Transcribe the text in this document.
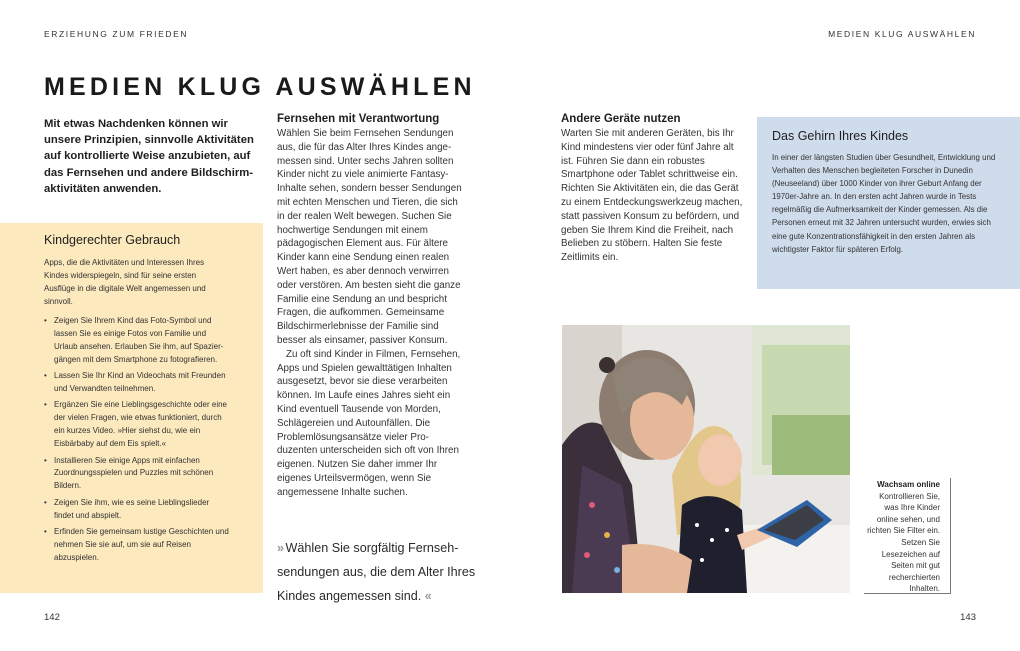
ERZIEHUNG ZUM FRIEDEN	MEDIEN KLUG AUSWÄHLEN
MEDIEN KLUG AUSWÄHLEN

Mit etwas Nachdenken können wir unsere Prinzipien, sinnvolle Aktivitäten auf kontrollierte Weise anzubieten, auf das Fernsehen und andere Bildschirmaktivitäten anwenden.

Kindgerechter Gebrauch

Apps, die die Aktivitäten und Interessen Ihres Kindes widerspiegeln, sind für seine ersten Ausflüge in die digitale Welt angemessen und sinnvoll.

• Zeigen Sie Ihrem Kind das Foto-Symbol und lassen Sie es einige Fotos von Familie und Urlaub ansehen. Erlauben Sie ihm, auf Spaziergängen mit dem Smartphone zu fotografieren.
• Lassen Sie Ihr Kind an Videochats mit Freunden und Verwandten teilnehmen.
• Ergänzen Sie eine Lieblingsgeschichte oder eine der vielen Fragen, wie etwas funktioniert, durch ein kurzes Video. »Hier siehst du, wie ein Eisbärbaby auf dem Eis spielt.«
• Installieren Sie einige Apps mit einfachen Zuordnungsspielen und Puzzles mit schönen Bildern.
• Zeigen Sie ihm, wie es seine Lieblingslieder findet und abspielt.
• Erfinden Sie gemeinsam lustige Geschichten und nehmen Sie sie auf, um sie auf Reisen abzuspielen.
Fernsehen mit Verantwortung

Wählen Sie beim Fernsehen Sendungen aus, die für das Alter Ihres Kindes angemessen sind. Unter sechs Jahren sollten Kinder nicht zu viele animierte Fantasy-Inhalte sehen, sondern besser Sendungen mit echten Menschen und Tieren, die sich in der realen Welt bewegen. Suchen Sie hochwertige Sendungen mit einem pädagogischen Element aus. Für ältere Kinder kann eine Sendung einen realen Wert haben, es aber dennoch verwirren oder verstören. Am besten sieht die ganze Familie eine Sendung an und bespricht Fragen, die aufkommen. Gemeinsame Bildschirmerlebnisse der Familie sind besser als einsamer, passiver Konsum.

Zu oft sind Kinder in Filmen, Fernsehen, Apps und Spielen gewalttätigen Inhalten ausgesetzt, bevor sie diese verarbeiten können. Im Laufe eines Jahres sieht ein Kind eventuell Tausende von Morden, Schlägereien und Autounfällen. Die Problemlösungsansätze vieler Produzenten unterscheiden sich oft von Ihren eigenen. Nutzen Sie daher immer Ihr eigenes Urteilsvermögen, wenn Sie angemessene Inhalte suchen.

» Wählen Sie sorgfältig Fernsehsendungen aus, die dem Alter Ihres Kindes angemessen sind. «

Andere Geräte nutzen

Warten Sie mit anderen Geräten, bis Ihr Kind mindestens vier oder fünf Jahre alt ist. Führen Sie dann ein robustes Smartphone oder Tablet schrittweise ein. Richten Sie Aktivitäten ein, die das Gerät zu einem Entdeckungswerkzeug machen, statt passiven Konsum zu befördern, und geben Sie Ihrem Kind die Freiheit, nach Belieben zu stöbern. Halten Sie feste Zeitlimits ein.

Das Gehirn Ihres Kindes

In einer der längsten Studien über Gesundheit, Entwicklung und Verhalten des Menschen begleiteten Forscher in Dunedin (Neuseeland) über 1000 Kinder von ihrer Geburt Anfang der 1970er-Jahre an. In den ersten acht Jahren wurde in Tests regelmäßig die Aufmerksamkeit der Kinder gemessen. Als die Personen erneut mit 32 Jahren untersucht wurden, erwies sich eine gute Konzentrationsfähigkeit in den ersten Jahren als wichtigster Faktor für späteren Erfolg.

Wachsam online
Kontrollieren Sie, was Ihre Kinder online sehen, und richten Sie Filter ein. Setzen Sie Lesezeichen auf Seiten mit gut recherchierten Inhalten.

142	143
